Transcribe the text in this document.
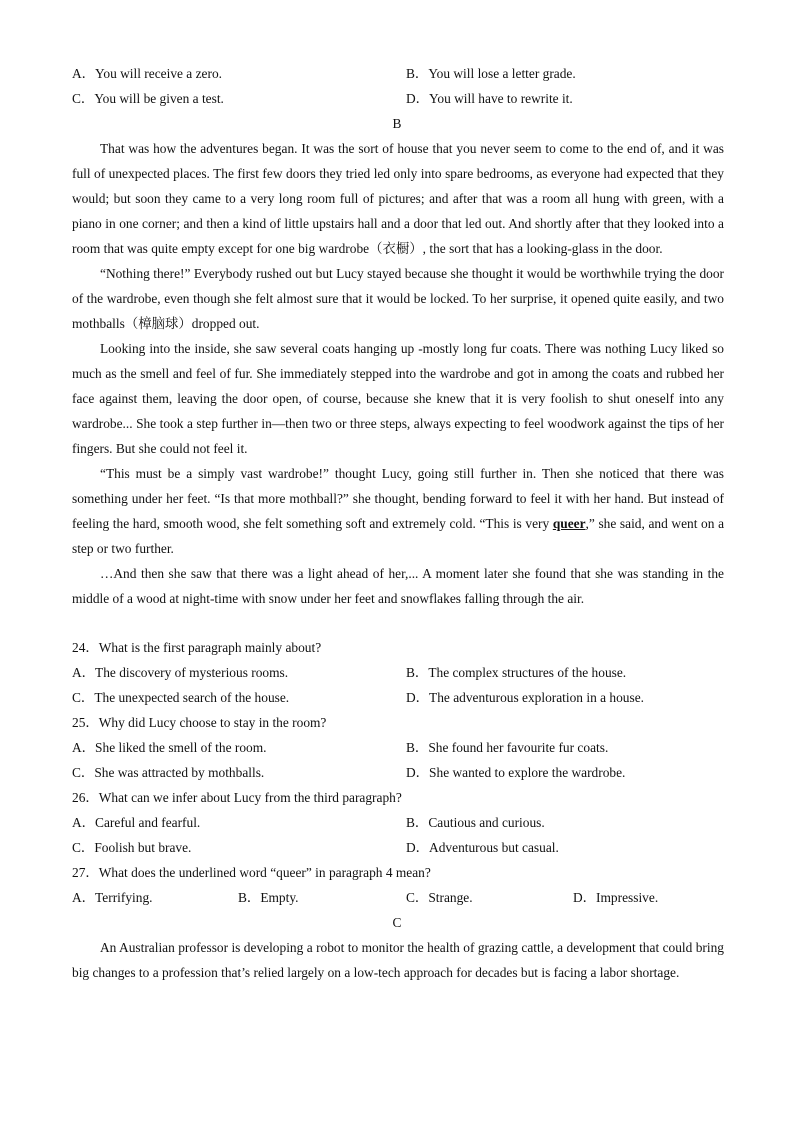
A．You will receive a zero.	B．You will lose a letter grade.
C．You will be given a test.	D．You will have to rewrite it.
B

That was how the adventures began. It was the sort of house that you never seem to come to the end of, and it was full of unexpected places. The first few doors they tried led only into spare bedrooms, as everyone had expected that they would; but soon they came to a very long room full of pictures; and after that was a room all hung with green, with a piano in one corner; and then a kind of little upstairs hall and a door that led out. And shortly after that they looked into a room that was quite empty except for one big wardrobe（衣橱）, the sort that has a looking-glass in the door.

“Nothing there!” Everybody rushed out but Lucy stayed because she thought it would be worthwhile trying the door of the wardrobe, even though she felt almost sure that it would be locked. To her surprise, it opened quite easily, and two mothballs（樟脑球）dropped out.

Looking into the inside, she saw several coats hanging up -mostly long fur coats. There was nothing Lucy liked so much as the smell and feel of fur. She immediately stepped into the wardrobe and got in among the coats and rubbed her face against them, leaving the door open, of course, because she knew that it is very foolish to shut oneself into any wardrobe... She took a step further in—then two or three steps, always expecting to feel woodwork against the tips of her fingers. But she could not feel it.

“This must be a simply vast wardrobe!” thought Lucy, going still further in. Then she noticed that there was something under her feet. “Is that more mothball?” she thought, bending forward to feel it with her hand. But instead of feeling the hard, smooth wood, she felt something soft and extremely cold. “This is very queer,” she said, and went on a step or two further.

…And then she saw that there was a light ahead of her,... A moment later she found that she was standing in the middle of a wood at night-time with snow under her feet and snowflakes falling through the air.

24．What is the first paragraph mainly about?
A．The discovery of mysterious rooms.	B．The complex structures of the house.
C．The unexpected search of the house.	D．The adventurous exploration in a house.
25．Why did Lucy choose to stay in the room?
A．She liked the smell of the room.	B．She found her favourite fur coats.
C．She was attracted by mothballs.	D．She wanted to explore the wardrobe.
26．What can we infer about Lucy from the third paragraph?
A．Careful and fearful.	B．Cautious and curious.
C．Foolish but brave.	D．Adventurous but casual.
27．What does the underlined word “queer” in paragraph 4 mean?
A．Terrifying.	B．Empty.	C．Strange.	D．Impressive.
C

An Australian professor is developing a robot to monitor the health of grazing cattle, a development that could bring big changes to a profession that’s relied largely on a low-tech approach for decades but is facing a labor shortage.
